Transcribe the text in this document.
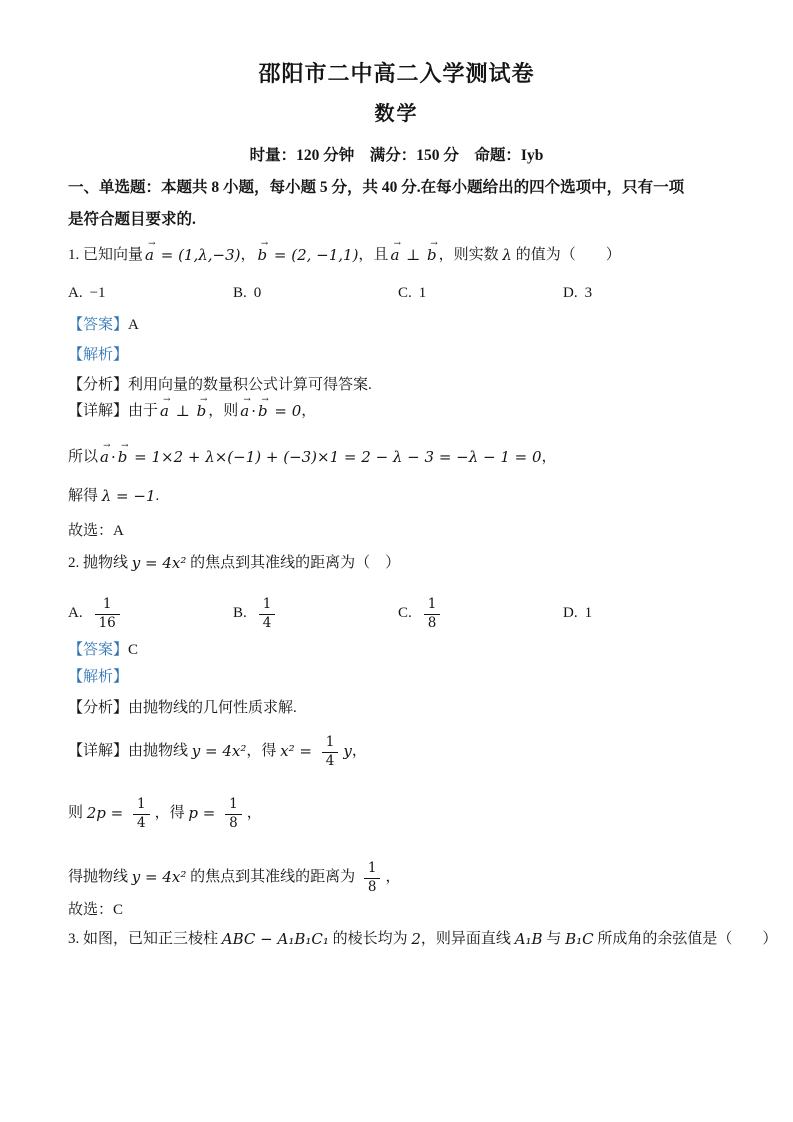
邵阳市二中高二入学测试卷
数学
时量：120 分钟　满分：150 分　命题：Iyb
一、单选题：本题共 8 小题，每小题 5 分，共 40 分.在每小题给出的四个选项中，只有一项
是符合题目要求的.
1. 已知向量
→
a = (1,λ,−3) ，
→
b = (2, −1,1) ，且
→
a ⊥
→
b ，则实数 λ 的值为（　　）
A. −1	B. 0	C. 1	D. 3
【答案】 A
【解析】
【分析】 利用向量的数量积公式计算可得答案.
【详解】 由于
→
a ⊥
→
b ，则
→
a ·
→
b = 0 ，
所以
→
a ·
→
b = 1×2 + λ×(−1) + (−3)×1 = 2 − λ − 3 = −λ − 1 = 0 ，
解得 λ = −1 .
故选：A
2. 抛物线 y = 4x² 的焦点到其准线的距离为（　）
A. $\frac{1}{16}$	B. $\frac{1}{4}$	C. $\frac{1}{8}$	D. 1
【答案】 C
【解析】
【分析】 由抛物线的几何性质求解.
【详解】 由抛物线 y = 4x² ，得 $x^2 = \frac{1}{4}$ y ，
则 $2p = \frac{1}{4}$ ，得 $p = \frac{1}{8}$ ，
得抛物线 y = 4x² 的焦点到其准线的距离为 $\frac{1}{8}$ ，
故选：C
3. 如图，已知正三棱柱 ABC − A₁B₁C₁ 的棱长均为 2 ，则异面直线 A₁B 与 B₁C 所成角的余弦值是（　　）
